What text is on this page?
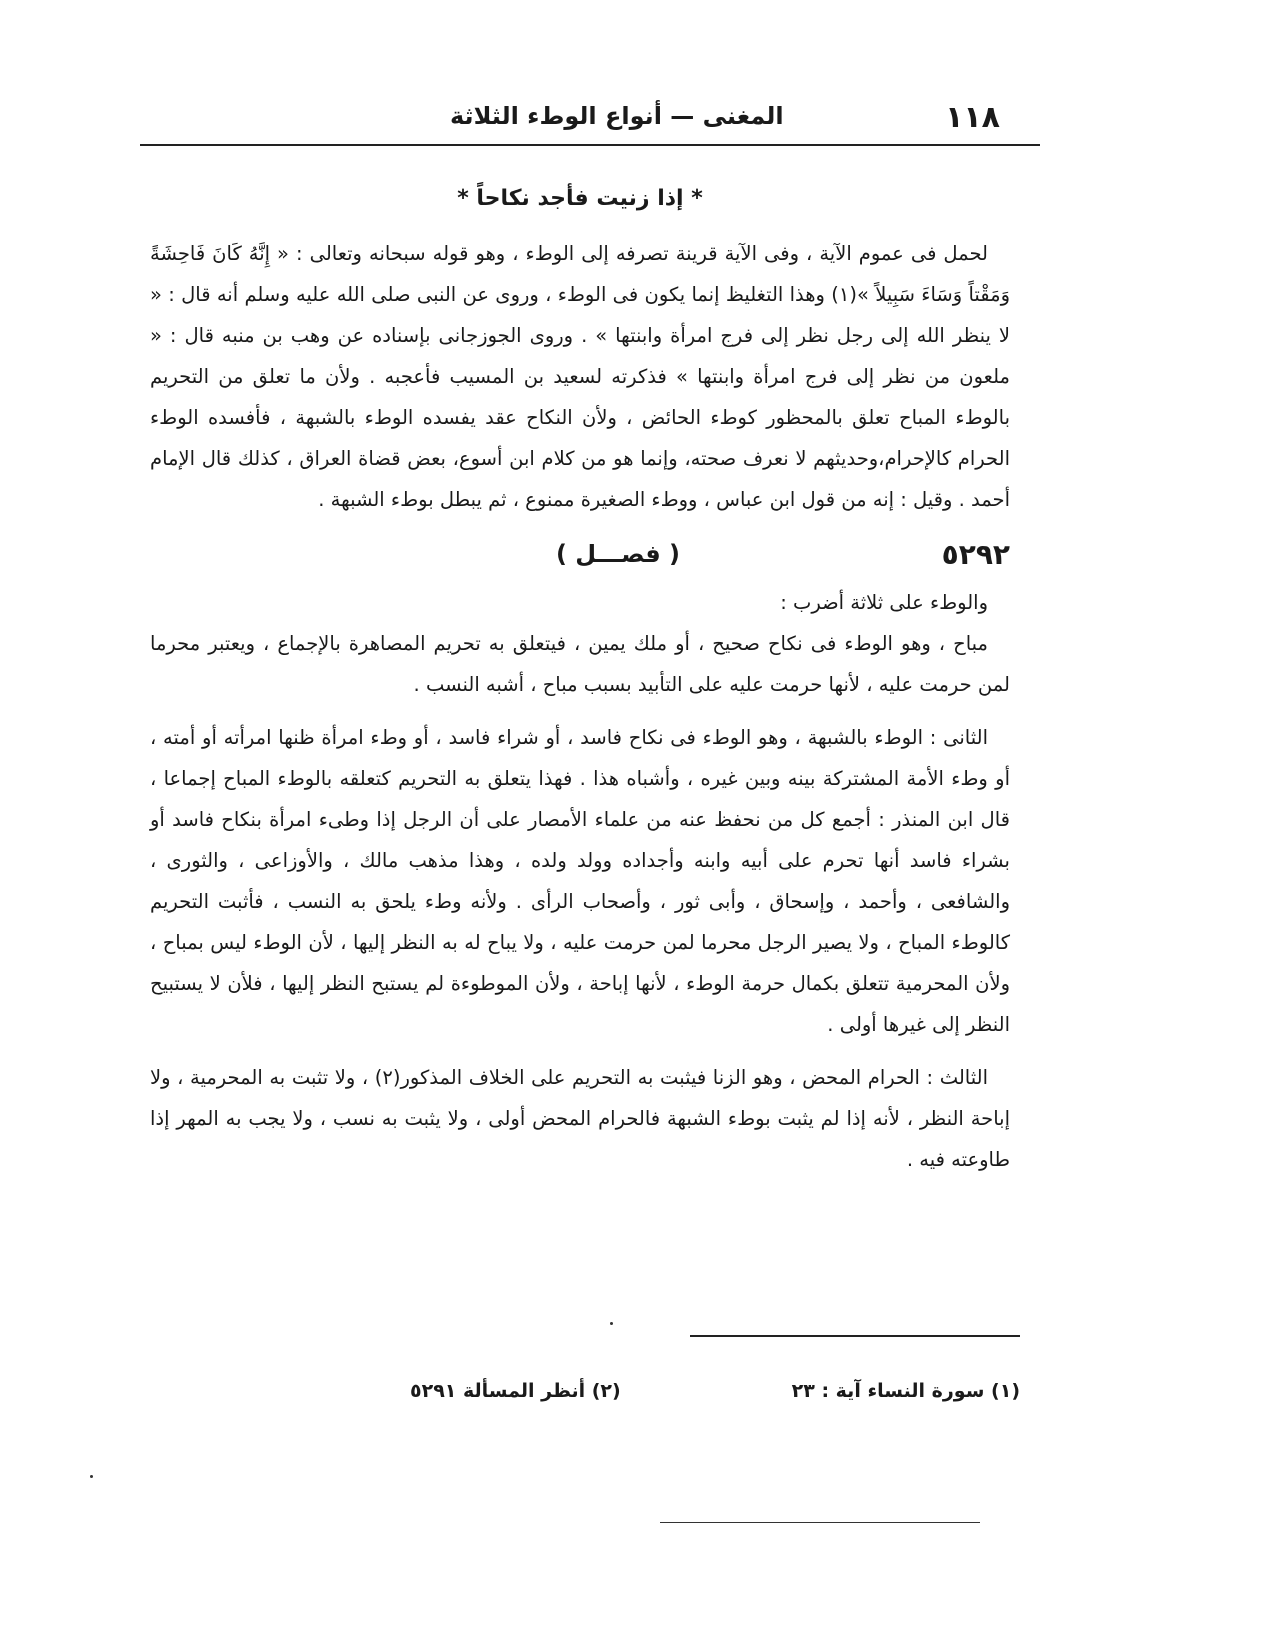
١١٨
المغنى — أنواع الوطء الثلاثة
* إذا زنيت فأجد نكاحاً *

لحمل فى عموم الآية ، وفى الآية قرينة تصرفه إلى الوطء ، وهو قوله سبحانه وتعالى : « إِنَّهُ كَانَ فَاحِشَةً وَمَقْتاً وَسَاءَ سَبِيلاً »(١) وهذا التغليظ إنما يكون فى الوطء ، وروى عن النبى صلى الله عليه وسلم أنه قال : « لا ينظر الله إلى رجل نظر إلى فرج امرأة وابنتها » . وروى الجوزجانى بإسناده عن وهب بن منبه قال : « ملعون من نظر إلى فرج امرأة وابنتها » فذكرته لسعيد بن المسيب فأعجبه . ولأن ما تعلق من التحريم بالوطء المباح تعلق بالمحظور كوطء الحائض ، ولأن النكاح عقد يفسده الوطء بالشبهة ، فأفسده الوطء الحرام كالإحرام،وحديثهم لا نعرف صحته، وإنما هو من كلام ابن أسوع، بعض قضاة العراق ، كذلك قال الإمام أحمد . وقيل : إنه من قول ابن عباس ، ووطء الصغيرة ممنوع ، ثم يبطل بوطء الشبهة .

٥٢٩٢
( فصـــل )

والوطء على ثلاثة أضرب :

مباح ، وهو الوطء فى نكاح صحيح ، أو ملك يمين ، فيتعلق به تحريم المصاهرة بالإجماع ، ويعتبر محرما لمن حرمت عليه ، لأنها حرمت عليه على التأبيد بسبب مباح ، أشبه النسب .

الثانى : الوطء بالشبهة ، وهو الوطء فى نكاح فاسد ، أو شراء فاسد ، أو وطء امرأة ظنها امرأته أو أمته ، أو وطء الأمة المشتركة بينه وبين غيره ، وأشباه هذا . فهذا يتعلق به التحريم كتعلقه بالوطء المباح إجماعا ، قال ابن المنذر : أجمع كل من نحفظ عنه من علماء الأمصار على أن الرجل إذا وطىء امرأة بنكاح فاسد أو بشراء فاسد أنها تحرم على أبيه وابنه وأجداده وولد ولده ، وهذا مذهب مالك ، والأوزاعى ، والثورى ، والشافعى ، وأحمد ، وإسحاق ، وأبى ثور ، وأصحاب الرأى . ولأنه وطء يلحق به النسب ، فأثبت التحريم كالوطء المباح ، ولا يصير الرجل محرما لمن حرمت عليه ، ولا يباح له به النظر إليها ، لأن الوطء ليس بمباح ، ولأن المحرمية تتعلق بكمال حرمة الوطء ، لأنها إباحة ، ولأن الموطوءة لم يستبح النظر إليها ، فلأن لا يستبيح النظر إلى غيرها أولى .

الثالث : الحرام المحض ، وهو الزنا فيثبت به التحريم على الخلاف المذكور(٢) ، ولا تثبت به المحرمية ، ولا إباحة النظر ، لأنه إذا لم يثبت بوطء الشبهة فالحرام المحض أولى ، ولا يثبت به نسب ، ولا يجب به المهر إذا طاوعته فيه .

(١) سورة النساء آية : ٢٣
(٢) أنظر المسألة ٥٢٩١
